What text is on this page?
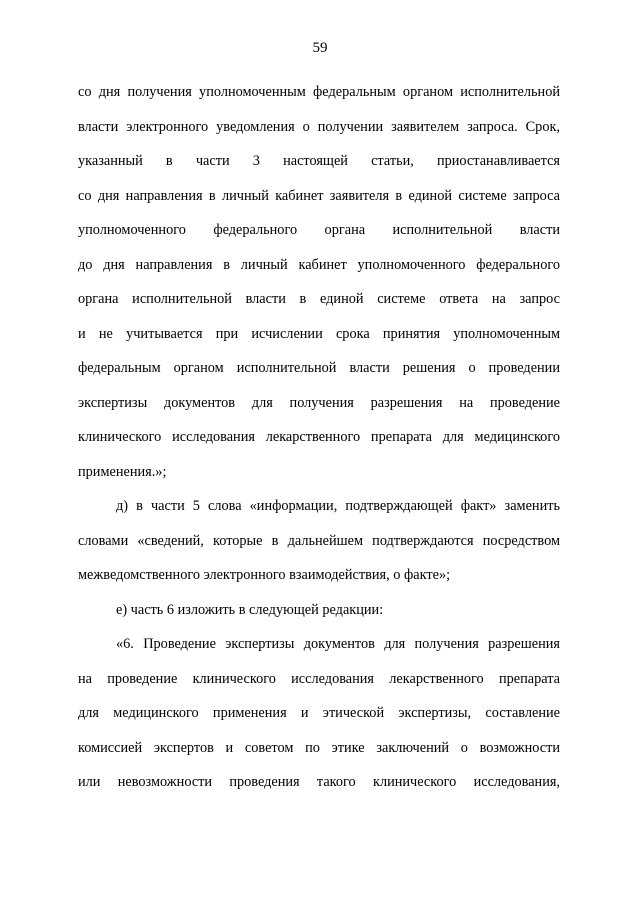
59

со дня получения уполномоченным федеральным органом исполнительной
власти электронного уведомления о получении заявителем запроса. Срок,
указанный в части 3 настоящей статьи, приостанавливается
со дня направления в личный кабинет заявителя в единой системе запроса
уполномоченного федерального органа исполнительной власти
до дня направления в личный кабинет уполномоченного федерального
органа исполнительной власти в единой системе ответа на запрос
и не учитывается при исчислении срока принятия уполномоченным
федеральным органом исполнительной власти решения о проведении
экспертизы документов для получения разрешения на проведение
клинического исследования лекарственного препарата для медицинского
применения.»;

д) в части 5 слова «информации, подтверждающей факт» заменить
словами «сведений, которые в дальнейшем подтверждаются посредством
межведомственного электронного взаимодействия, о факте»;

е) часть 6 изложить в следующей редакции:

«6. Проведение экспертизы документов для получения разрешения
на проведение клинического исследования лекарственного препарата
для медицинского применения и этической экспертизы, составление
комиссией экспертов и советом по этике заключений о возможности
или невозможности проведения такого клинического исследования,
